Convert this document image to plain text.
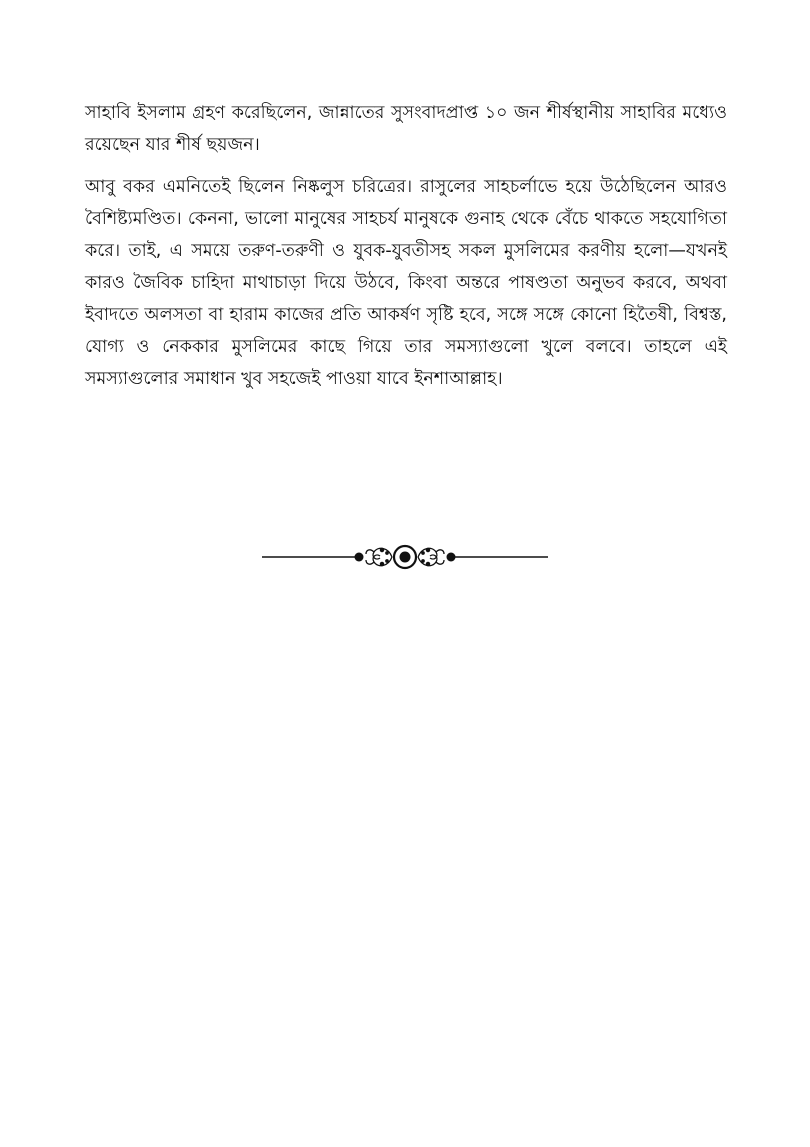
সাহাবি ইসলাম গ্রহণ করেছিলেন, জান্নাতের সুসংবাদপ্রাপ্ত ১০ জন শীর্ষস্থানীয় সাহাবির মধ্যেও রয়েছেন যার শীর্ষ ছয়জন।

আবু বকর এমনিতেই ছিলেন নিষ্কলুস চরিত্রের। রাসুলের সাহচর্লাভে হয়ে উঠেছিলেন আরও বৈশিষ্ট্যমণ্ডিত। কেননা, ভালো মানুষের সাহচর্য মানুষকে গুনাহ থেকে বেঁচে থাকতে সহযোগিতা করে। তাই, এ সময়ে তরুণ-তরুণী ও যুবক-যুবতীসহ সকল মুসলিমের করণীয় হলো—যখনই কারও জৈবিক চাহিদা মাথাচাড়া দিয়ে উঠবে, কিংবা অন্তরে পাষণ্ডতা অনুভব করবে, অথবা ইবাদতে অলসতা বা হারাম কাজের প্রতি আকর্ষণ সৃষ্টি হবে, সঙ্গে সঙ্গে কোনো হিতৈষী, বিশ্বস্ত, যোগ্য ও নেককার মুসলিমের কাছে গিয়ে তার সমস্যাগুলো খুলে বলবে। তাহলে এই সমস্যাগুলোর সমাধান খুব সহজেই পাওয়া যাবে ইনশাআল্লাহ।
